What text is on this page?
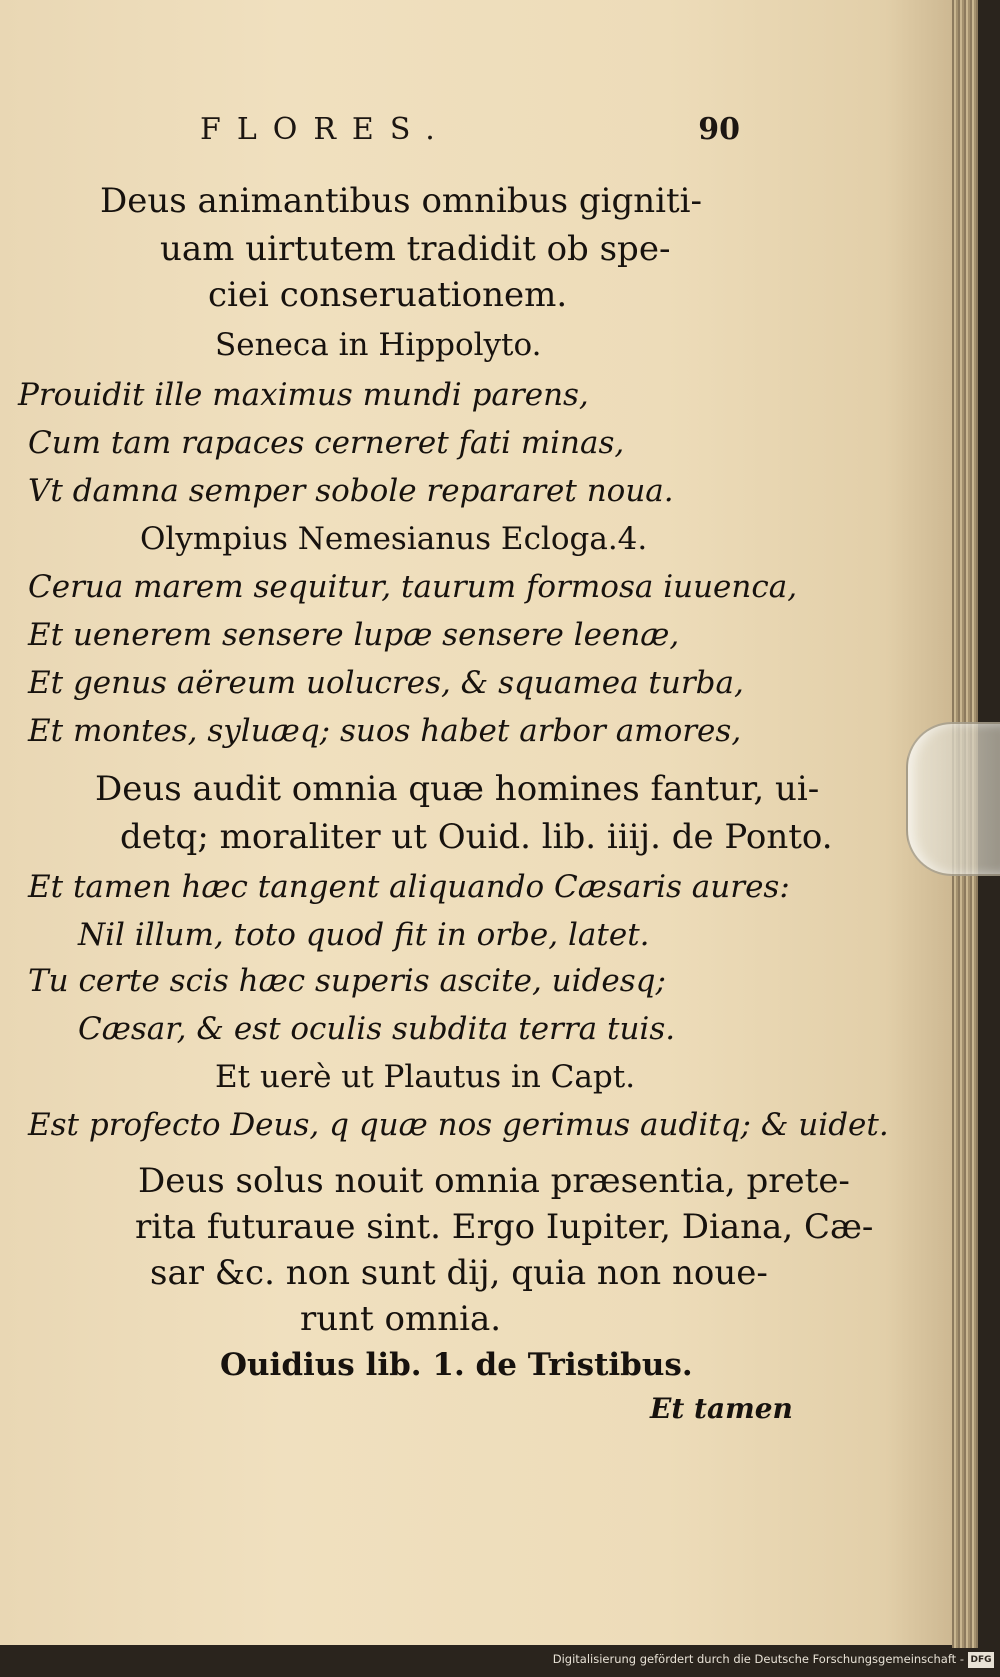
FLORES.	90
Deus animantibus omnibus gigniti-
uam uirtutem tradidit ob spe-
ciei conseruationem.
Seneca in Hippolyto.
Prouidit ille maximus mundi parens,
Cum tam rapaces cerneret fati minas,
Vt damna semper sobole repararet noua.
Olympius Nemesianus Ecloga.4.
Cerua marem sequitur, taurum formosa iuuenca,
Et uenerem sensere lupæ sensere leenæ,
Et genus aëreum uolucres, & squamea turba,
Et montes, syluæq; suos habet arbor amores,
Deus audit omnia quæ homines fantur, ui-
detq; moraliter ut Ouid. lib. iiij. de Ponto.
Et tamen hæc tangent aliquando Cæsaris aures:
Nil illum, toto quod fit in orbe, latet.
Tu certe scis hæc superis ascite, uidesq;
Cæsar, & est oculis subdita terra tuis.
Et uerè ut Plautus in Capt.
Est profecto Deus, q quæ nos gerimus auditq; & uidet.
Deus solus nouit omnia præsentia, prete-
rita futuraue sint. Ergo Iupiter, Diana, Cæ-
sar &c. non sunt dij, quia non noue-
runt omnia.
Ouidius lib. 1. de Tristibus.
Et tamen
Digitalisierung gefördert durch die Deutsche Forschungsgemeinschaft - DFG
